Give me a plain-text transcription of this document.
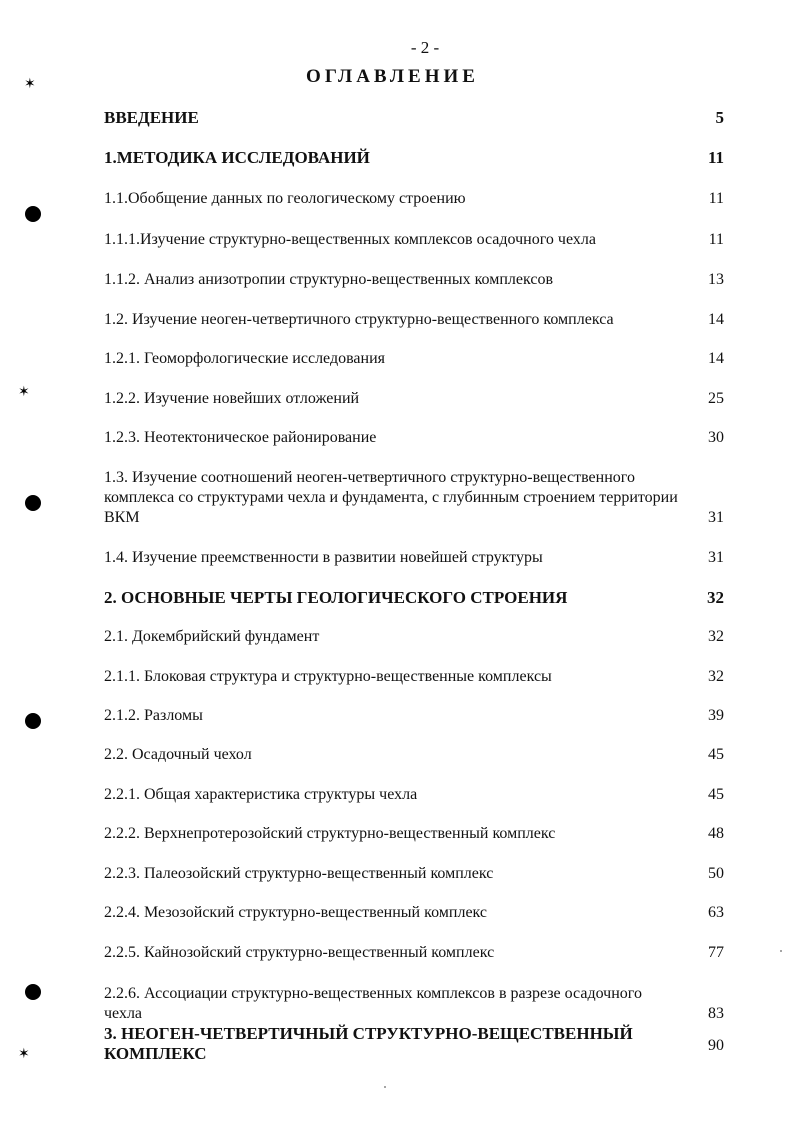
- 2 -
ОГЛАВЛЕНИЕ
✶
✶
✶
ВВЕДЕНИЕ	5
1.МЕТОДИКА ИССЛЕДОВАНИЙ	11
1.1.Обобщение данных по геологическому строению	11
1.1.1.Изучение структурно-вещественных комплексов осадочного чехла	11
1.1.2. Анализ анизотропии структурно-вещественных комплексов	13
1.2. Изучение неоген-четвертичного структурно-вещественного комплекса	14
1.2.1. Геоморфологические исследования	14
1.2.2. Изучение новейших отложений	25
1.2.3. Неотектоническое районирование	30
1.3. Изучение соотношений неоген-четвертичного структурно-вещественного комплекса со структурами чехла и фундамента, с глубинным строением территории ВКМ	31
1.4. Изучение преемственности в развитии новейшей структуры	31
2. ОСНОВНЫЕ ЧЕРТЫ ГЕОЛОГИЧЕСКОГО СТРОЕНИЯ	32
2.1. Докембрийский фундамент	32
2.1.1. Блоковая структура и структурно-вещественные комплексы	32
2.1.2. Разломы	39
2.2. Осадочный чехол	45
2.2.1. Общая характеристика структуры чехла	45
2.2.2. Верхнепротерозойский структурно-вещественный комплекс	48
2.2.3. Палеозойский структурно-вещественный комплекс	50
2.2.4. Мезозойский структурно-вещественный комплекс	63
2.2.5. Кайнозойский структурно-вещественный комплекс	77
2.2.6. Ассоциации структурно-вещественных комплексов в разрезе осадочного чехла	83
3. НЕОГЕН-ЧЕТВЕРТИЧНЫЙ СТРУКТУРНО-ВЕЩЕСТВЕННЫЙ КОМПЛЕКС	90
